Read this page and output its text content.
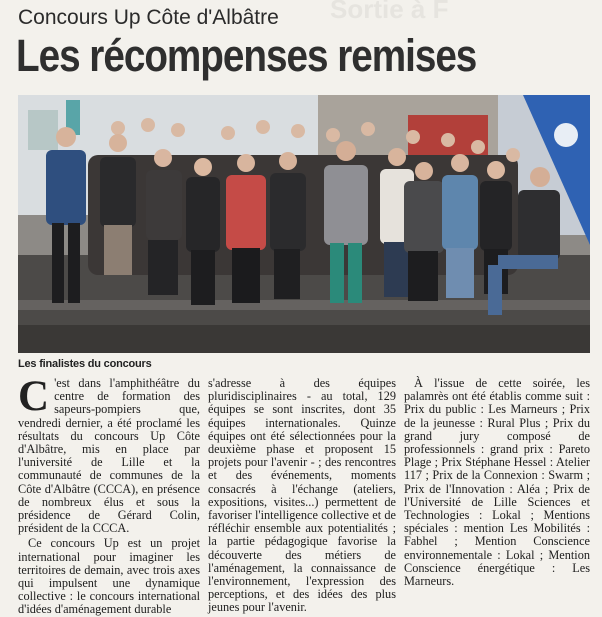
Sortie à F
Concours Up Côte d'Albâtre
Les récompenses remises
Les finalistes du concours

C 'est dans l'amphithéâtre du centre de formation des sapeurs-pompiers que, vendredi dernier, a été proclamé les résultats du concours Up Côte d'Albâtre, mis en place par l'université de Lille et la communauté de communes de la Côte d'Albâtre (CCCA), en présence de nombreux élus et sous la présidence de Gérard Colin, président de la CCCA.

Ce concours Up est un projet international pour imaginer les territoires de demain, avec trois axes qui impulsent une dynamique collective : le concours international d'idées d'aménagement durable

s'adresse à des équipes pluridisciplinaires - au total, 129 équipes se sont inscrites, dont 35 équipes internationales. Quinze équipes ont été sélectionnées pour la deuxième phase et proposent 15 projets pour l'avenir - ; des rencontres et des événements, moments consacrés à l'échange (ateliers, expositions, visites...) permettent de favoriser l'intelligence collective et de réfléchir ensemble aux potentialités ; la partie pédagogique favorise la découverte des métiers de l'aménagement, la connaissance de l'environnement, l'expression des perceptions, et des idées des plus jeunes pour l'avenir.

À l'issue de cette soirée, les palamrès ont été établis comme suit : Prix du public : Les Marneurs ; Prix de la jeunesse : Rural Plus ; Prix du grand jury composé de professionnels : grand prix : Pareto Plage ; Prix Stéphane Hessel : Atelier 117 ; Prix de la Connexion : Swarm ; Prix de l'Innovation : Aléa ; Prix de l'Université de Lille Sciences et Technologies : Lokal ; Mentions spéciales : mention Les Mobilités : Fabhel ; Mention Conscience environnementale : Lokal ; Mention Conscience énergétique : Les Marneurs.
